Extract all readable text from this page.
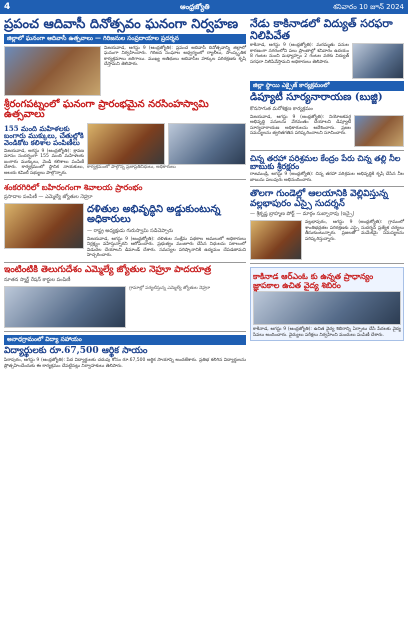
4	ఆంధ్రజ్యోతి	శనివారం 10 జూన్ 2024
ప్రపంచ ఆదివాసీ దినోత్సవం ఘనంగా నిర్వహణ
జిల్లాలో ఘనంగా ఆదివాసీ ఉత్సవాలు — గిరిజనుల సంప్రదాయాల ప్రదర్శన
విజయవాడ, ఆగస్టు 9 (ఆంధ్రజ్యోతి): ప్రపంచ ఆదివాసీ దినోత్సవాన్ని జిల్లాలో ఘనంగా నిర్వహించారు. గిరిజన సంఘాల ఆధ్వర్యంలో ర్యాలీలు, సాంస్కృతిక కార్యక్రమాలు జరిగాయి. ముఖ్య అతిథులు ఆదివాసీల హక్కుల పరిరక్షణకు కృషి చేస్తామని తెలిపారు.
శ్రీరంగపట్నంలో ఘనంగా ప్రారంభమైన నరసింహస్వామి ఉత్సవాలు
155 మంది మహిళలకు బంగారు ముక్కులు, చేతుల్లోకి వెండికోట కలిశాల పంపిణీలు
విజయవాడ, ఆగస్టు 9 (ఆంధ్రజ్యోతి): శ్రావణ మాసం సందర్భంగా 155 మంది మహిళలకు బంగారు ముక్కులు, వెండి కలిశాలు పంపిణీ చేశారు. కార్యక్రమంలో స్థానిక నాయకులు, ఆలయ కమిటీ సభ్యులు పాల్గొన్నారు.
కార్యక్రమంలో పాల్గొన్న ప్రజాప్రతినిధులు, అధికారులు
శంకరగిరిలో బహిరంగంగా శివాలయ ప్రారంభం
ప్రసాదాల పంపిణీ — ఎమ్మెల్యే జ్యోతుల నెహ్రూ
దళితుల అభివృద్ధిని అడ్డుకుంటున్న అధికారులు
— రాష్ట్ర అధ్యక్షుడు గురుస్వామి సడిచెప్పారు
విజయవాడ, ఆగస్టు 9 (ఆంధ్రజ్యోతి): దళితుల సంక్షేమ పథకాల అమలులో అధికారులు నిర్లక్ష్యం వహిస్తున్నారని ఆరోపించారు. ప్రభుత్వం మంజూరు చేసిన నిధులను సకాలంలో విడుదల చేయాలని డిమాండ్ చేశారు. సమస్యల పరిష్కారానికి ఉద్యమం చేపడతామని హెచ్చరించారు.
ఇంటింటికి తెలుగుదేశం ఎమ్మెల్యే జ్యోతుల నెహ్రూ పాదయాత్ర
నూతన స్మార్ట్ రేషన్ కార్డుల పంపిణీ
గ్రామాల్లో పర్యటిస్తున్న ఎమ్మెల్యే జ్యోతుల నెహ్రూ
అనాధగ్రామంలో విద్యా సహాయం
విద్యార్థులకు రూ.67,500 ఆర్థిక సాయం
పిఠాపురం, ఆగస్టు 9 (ఆంధ్రజ్యోతి): పేద విద్యార్థులకు చదువు కోసం రూ.67,500 ఆర్థిక సాయాన్ని అందజేశారు. ప్రతిభ కలిగిన విద్యార్థులను ప్రోత్సహించేందుకు ఈ కార్యక్రమం చేపట్టినట్లు నిర్వాహకులు తెలిపారు.
నేడు కాకినాడలో విద్యుత్ సరఫరా నిలిపివేత
కాకినాడ, ఆగస్టు 9 (ఆంధ్రజ్యోతి): మరమ్మతు పనుల కారణంగా నగరంలోని పలు ప్రాంతాల్లో శనివారం ఉదయం 8 గంటల నుంచి మధ్యాహ్నం 2 గంటల వరకు విద్యుత్ సరఫరా నిలిపివేస్తామని అధికారులు తెలిపారు.
జిల్లా స్థాయి ఎక్సైజ్ కార్యక్రమంలో
డిప్యూటీ సూర్యనారాయణ (బుజ్జి)
కొనసాగుత మరోశిక్షణ కార్యక్రమం
విజయవాడ, ఆగస్టు 9 (ఆంధ్రజ్యోతి): నియోజకవర్గ అభివృద్ధి పనులను వేగవంతం చేయాలని డిప్యూటీ సూర్యనారాయణ అధికారులను ఆదేశించారు. ప్రజల సమస్యలను త్వరితగతిన పరిష్కరించాలని సూచించారు.
చిన్న తరహా పరిశ్రమల కేంద్రం పేరు చిన్న తల్లి నీల బాబుకు శ్రీరక్షరం
రాజమండ్రి, ఆగస్టు 9 (ఆంధ్రజ్యోతి): చిన్న తరహా పరిశ్రమల అభివృద్ధికి కృషి చేసిన నీల బాబును పలువురు అభినందించారు.
తొలగా గుండెల్లో ఆలయానికి వెల్లివిస్తున్న వల్లభాపురం ఎస్సై సుదర్శన్
— శ్రీకృష్ణ బ్రాహ్మణ పోర్ట్ — మార్గం సుబ్బారావు (ఇన్సై)
వల్లభాపురం, ఆగస్టు 9 (ఆంధ్రజ్యోతి): గ్రామంలో శాంతిభద్రతల పరిరక్షణకు ఎస్సై సుదర్శన్ ప్రత్యేక చర్యలు తీసుకుంటున్నారు. ప్రజలతో మమేకమై సమస్యలను పరిష్కరిస్తున్నారు.
కాకినాడ ఆర్ఎంఓ కు ఉన్నత ప్రాధాన్యం జ్ఞాపకాల ఉచిత వైద్య శిబిరం
కాకినాడ, ఆగస్టు 9 (ఆంధ్రజ్యోతి): ఉచిత వైద్య శిబిరాన్ని ఏర్పాటు చేసి పేదలకు వైద్య సేవలు అందించారు. వైద్యులు పరీక్షలు నిర్వహించి మందులు పంపిణీ చేశారు.
